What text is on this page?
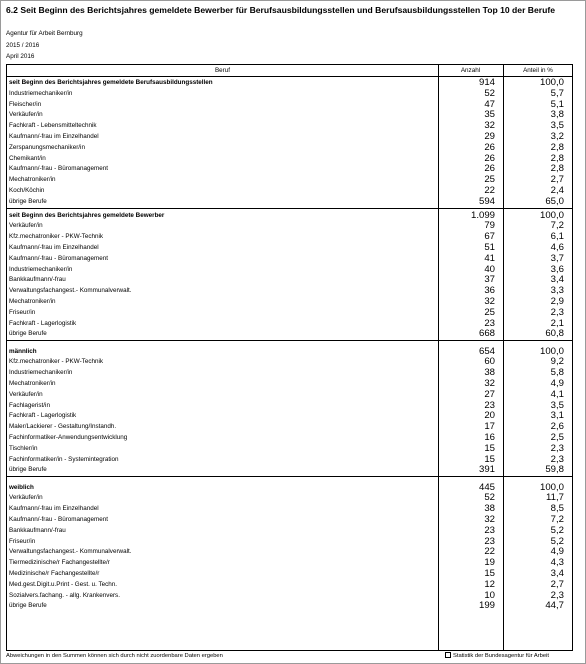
6.2 Seit Beginn des Berichtsjahres gemeldete Bewerber für Berufsausbildungsstellen und Berufsausbildungsstellen Top 10 der Berufe
Agentur für Arbeit Bernburg
2015 / 2016
April 2016
Beruf	Anzahl	Anteil in %
seit Beginn des Berichtsjahres gemeldete Berufsausbildungsstellen	914	100,0
Industriemechaniker/in	52	5,7
Fleischer/in	47	5,1
Verkäufer/in	35	3,8
Fachkraft - Lebensmitteltechnik	32	3,5
Kaufmann/-frau im Einzelhandel	29	3,2
Zerspanungsmechaniker/in	26	2,8
Chemikant/in	26	2,8
Kaufmann/-frau - Büromanagement	26	2,8
Mechatroniker/in	25	2,7
Koch/Köchin	22	2,4
übrige Berufe	594	65,0
seit Beginn des Berichtsjahres gemeldete Bewerber	1.099	100,0
Verkäufer/in	79	7,2
Kfz.mechatroniker - PKW-Technik	67	6,1
Kaufmann/-frau im Einzelhandel	51	4,6
Kaufmann/-frau - Büromanagement	41	3,7
Industriemechaniker/in	40	3,6
Bankkaufmann/-frau	37	3,4
Verwaltungsfachangest.- Kommunalverwalt.	36	3,3
Mechatroniker/in	32	2,9
Friseur/in	25	2,3
Fachkraft - Lagerlogistik	23	2,1
übrige Berufe	668	60,8
männlich	654	100,0
Kfz.mechatroniker - PKW-Technik	60	9,2
Industriemechaniker/in	38	5,8
Mechatroniker/in	32	4,9
Verkäufer/in	27	4,1
Fachlagerist/in	23	3,5
Fachkraft - Lagerlogistik	20	3,1
Maler/Lackierer - Gestaltung/Instandh.	17	2,6
Fachinformatiker-Anwendungsentwicklung	16	2,5
Tischler/in	15	2,3
Fachinformatiker/in - Systemintegration	15	2,3
übrige Berufe	391	59,8
weiblich	445	100,0
Verkäufer/in	52	11,7
Kaufmann/-frau im Einzelhandel	38	8,5
Kaufmann/-frau - Büromanagement	32	7,2
Bankkaufmann/-frau	23	5,2
Friseur/in	23	5,2
Verwaltungsfachangest.- Kommunalverwalt.	22	4,9
Tiermedizinische/r Fachangestellte/r	19	4,3
Medizinische/r Fachangestellte/r	15	3,4
Med.gest.Digit.u.Print - Gest. u. Techn.	12	2,7
Sozialvers.fachang. - allg. Krankenvers.	10	2,3
übrige Berufe	199	44,7
Abweichungen in den Summen können sich durch nicht zuordenbare Daten ergeben	Statistik der Bundesagentur für Arbeit
